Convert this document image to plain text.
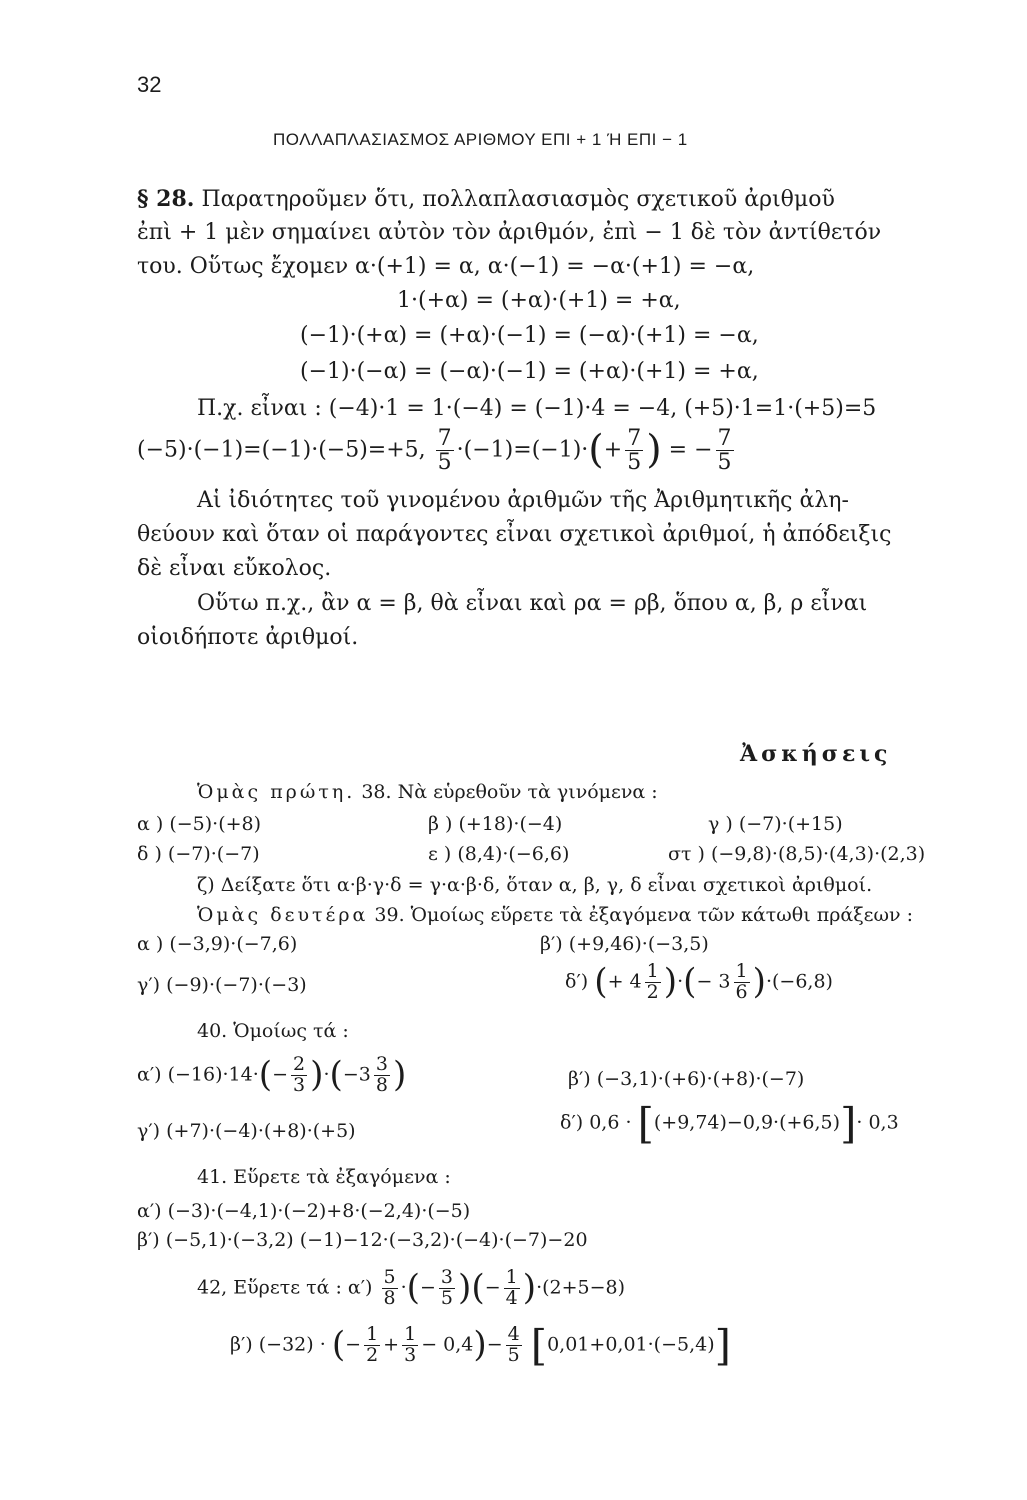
32
ΠΟΛΛΑΠΛΑΣΙΑΣΜΟΣ ΑΡΙΘΜΟΥ ΕΠΙ + 1 Ή ΕΠΙ − 1
§ 28. Παρατηροῦμεν ὅτι, πολλαπλασιασμὸς σχετικοῦ ἀριθμοῦ
ἐπὶ + 1 μὲν σημαίνει αὐτὸν τὸν ἀριθμόν, ἐπὶ − 1 δὲ τὸν ἀντίθετόν
του. Οὕτως ἔχομεν α·(+1) = α, α·(−1) = −α·(+1) = −α,
1·(+α) = (+α)·(+1) = +α,
(−1)·(+α) = (+α)·(−1) = (−α)·(+1) = −α,
(−1)·(−α) = (−α)·(−1) = (+α)·(+1) = +α,
Π.χ. εἶναι : (−4)·1 = 1·(−4) = (−1)·4 = −4, (+5)·1=1·(+5)=5
(−5)·(−1)=(−1)·(−5)=+5, $\frac{7}{5} \cdot(-1)=(-1)\cdot(+ \frac{7}{5}$ ) = − $\frac{7}{5}$
Αἱ ἰδιότητες τοῦ γινομένου ἀριθμῶν τῆς Ἀριθμητικῆς ἀλη-
θεύουν καὶ ὅταν οἱ παράγοντες εἶναι σχετικοὶ ἀριθμοί, ἡ ἀπόδειξις
δὲ εἶναι εὔκολος.
Οὕτω π.χ., ἂν α = β, θὰ εἶναι καὶ ρα = ρβ, ὅπου α, β, ρ εἶναι
οἱοιδήποτε ἀριθμοί.
Ἀσκήσεις
Ὁμὰς πρώτη. 38. Νὰ εὑρεθοῦν τὰ γινόμενα :
α ) (−5)·(+8)	β ) (+18)·(−4)	γ ) (−7)·(+15)
δ ) (−7)·(−7)	ε ) (8,4)·(−6,6)	στ ) (−9,8)·(8,5)·(4,3)·(2,3)
ζ) Δείξατε ὅτι α·β·γ·δ = γ·α·β·δ, ὅταν α, β, γ, δ εἶναι σχετικοὶ ἀριθμοί.
Ὁμὰς δευτέρα 39. Ὁμοίως εὕρετε τὰ ἐξαγόμενα τῶν κάτωθι πράξεων :
α ) (−3,9)·(−7,6)	β′) (+9,46)·(−3,5)
γ′) (−9)·(−7)·(−3)	δ′) (+ $4 \frac{1}{2}$ )·(− $3 \frac{1}{6} )\cdot(-6,8)$
40. Ὁμοίως τά :
α′) $(-16)\cdot 14\cdot(- \frac{2}{3} )\cdot(-3 \frac{3}{8}$ )	β′) (−3,1)·(+6)·(+8)·(−7)
γ′) (+7)·(−4)·(+8)·(+5)	δ′) 0,6 · [(+9,74)−0,9·(+6,5)]· 0,3
41. Εὕρετε τὰ ἐξαγόμενα :
α′) (−3)·(−4,1)·(−2)+8·(−2,4)·(−5)
β′) (−5,1)·(−3,2) (−1)−12·(−3,2)·(−4)·(−7)−20
42, Εὕρετε τά : $\alpha') \frac{5}{8}$ ·(− $\frac{3}{5}$ )(− $\frac{1}{4} )\cdot(2+5-8)$
β′) (−32) · (− $\frac{1}{2} + \frac{1}{3} - 0,4)- \frac{4}{5} [0,01+0,01\cdot(-5,4)]$
